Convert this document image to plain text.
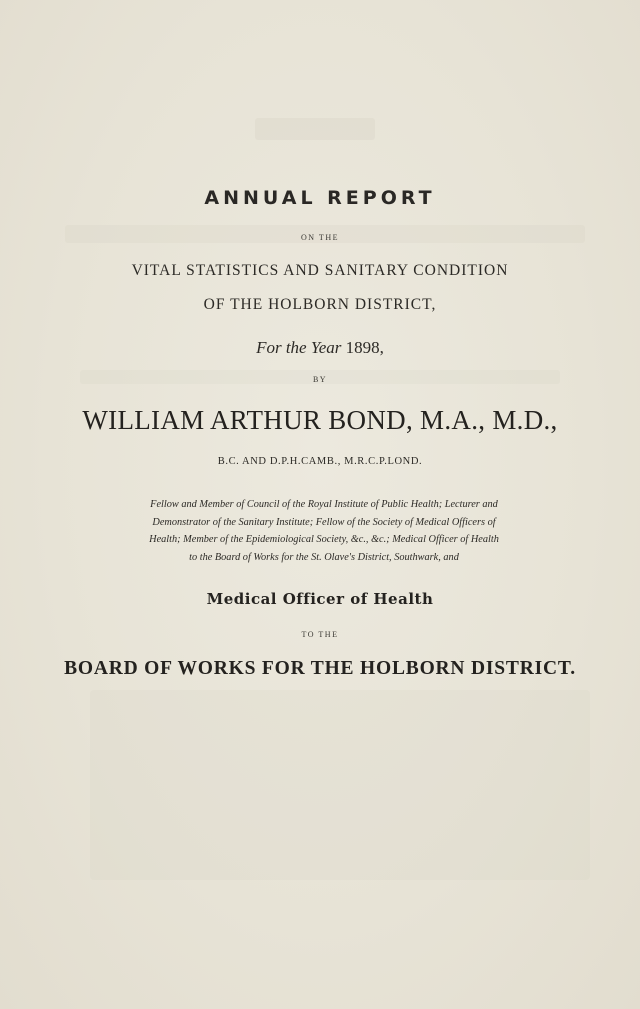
ANNUAL REPORT
ON THE
VITAL STATISTICS AND SANITARY CONDITION
OF THE HOLBORN DISTRICT,
For the Year 1898,
BY
WILLIAM ARTHUR BOND, M.A., M.D.,
B.C. AND D.P.H.CAMB., M.R.C.P.LOND.
Fellow and Member of Council of the Royal Institute of Public Health; Lecturer and
Demonstrator of the Sanitary Institute; Fellow of the Society of Medical Officers of
Health; Member of the Epidemiological Society, &c., &c.; Medical Officer of Health
to the Board of Works for the St. Olave's District, Southwark, and
Medical Officer of Health
TO THE
BOARD OF WORKS FOR THE HOLBORN DISTRICT.
